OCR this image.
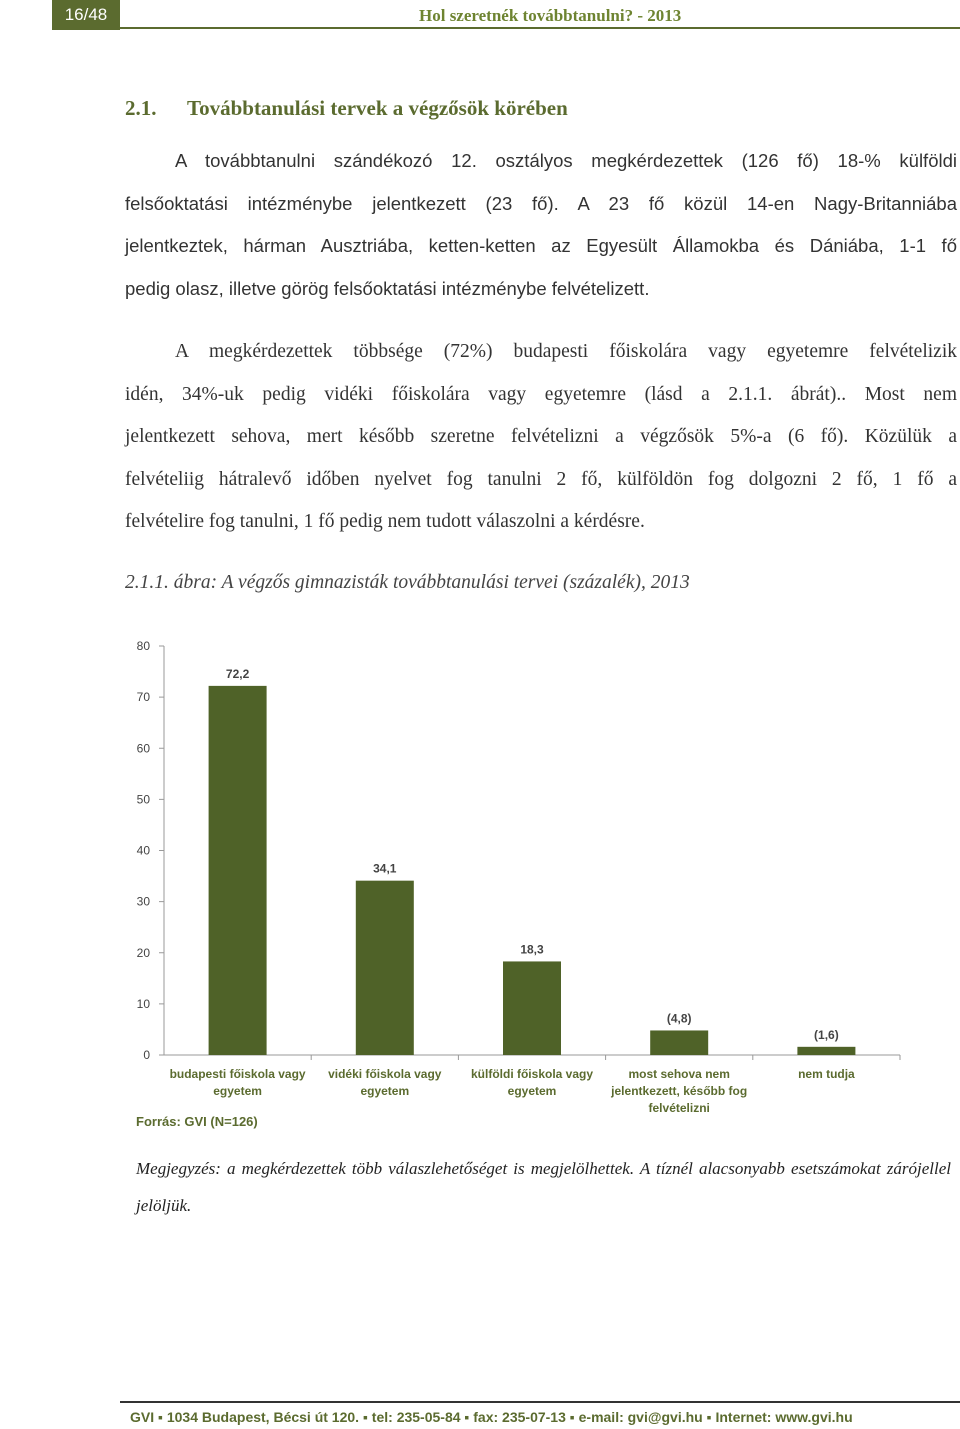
16/48	Hol szeretnék továbbtanulni? - 2013
2.1. Továbbtanulási tervek a végzősök körében
A továbbtanulni szándékozó 12. osztályos megkérdezettek (126 fő) 18-% külföldi
felsőoktatási intézménybe jelentkezett (23 fő). A 23 fő közül 14-en Nagy-Britanniába
jelentkeztek, hárman Ausztriába, ketten-ketten az Egyesült Államokba és Dániába, 1-1 fő
pedig olasz, illetve görög felsőoktatási intézménybe felvételizett.
A megkérdezettek többsége (72%) budapesti főiskolára vagy egyetemre felvételizik
idén, 34%-uk pedig vidéki főiskolára vagy egyetemre (lásd a 2.1.1. ábrát).. Most nem
jelentkezett sehova, mert később szeretne felvételizni a végzősök 5%-a (6 fő). Közülük a
felvételiig hátralevő időben nyelvet fog tanulni 2 fő, külföldön fog dolgozni 2 fő, 1 fő a
felvételire fog tanulni, 1 fő pedig nem tudott válaszolni a kérdésre.
2.1.1. ábra: A végzős gimnazisták továbbtanulási tervei (százalék), 2013
0
10
20
30
40
50
60
70
80
72,2
budapesti főiskola vagy
egyetem
34,1
vidéki főiskola vagy
egyetem
18,3
külföldi főiskola vagy
egyetem
(4,8)
most sehova nem
jelentkezett, később fog
felvételizni
(1,6)
nem tudja
Forrás: GVI (N=126)
Megjegyzés: a megkérdezettek több válaszlehetőséget is megjelölhettek. A tíznél alacsonyabb esetszámokat zárójellel
jelöljük.
GVI ▪ 1034 Budapest, Bécsi út 120. ▪ tel: 235-05-84 ▪ fax: 235-07-13 ▪ e-mail: gvi@gvi.hu ▪ Internet: www.gvi.hu
